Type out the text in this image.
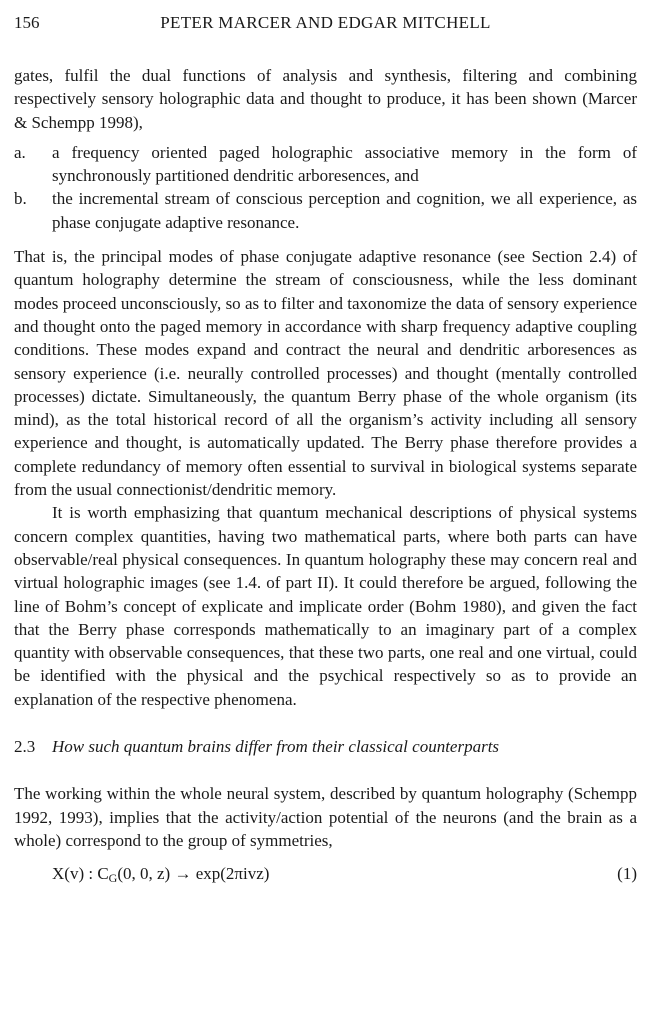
156	PETER MARCER AND EDGAR MITCHELL

gates, fulfil the dual functions of analysis and synthesis, filtering and combining respectively sensory holographic data and thought to produce, it has been shown (Marcer & Schempp 1998),

a. a frequency oriented paged holographic associative memory in the form of synchronously partitioned dendritic arboresences, and
b. the incremental stream of conscious perception and cognition, we all experience, as phase conjugate adaptive resonance.

That is, the principal modes of phase conjugate adaptive resonance (see Section 2.4) of quantum holography determine the stream of consciousness, while the less dominant modes proceed unconsciously, so as to filter and taxonomize the data of sensory experience and thought onto the paged memory in accordance with sharp frequency adaptive coupling conditions. These modes expand and contract the neural and dendritic arboresences as sensory experience (i.e. neurally controlled processes) and thought (mentally controlled processes) dictate. Simultaneously, the quantum Berry phase of the whole organism (its mind), as the total historical record of all the organism’s activity including all sensory experience and thought, is automatically updated. The Berry phase therefore provides a complete redundancy of memory often essential to survival in biological systems separate from the usual connectionist/dendritic memory.

It is worth emphasizing that quantum mechanical descriptions of physical systems concern complex quantities, having two mathematical parts, where both parts can have observable/real physical consequences. In quantum holography these may concern real and virtual holographic images (see 1.4. of part II). It could therefore be argued, following the line of Bohm’s concept of explicate and implicate order (Bohm 1980), and given the fact that the Berry phase corresponds mathematically to an imaginary part of a complex quantity with observable consequences, that these two parts, one real and one virtual, could be identified with the physical and the psychical respectively so as to provide an explanation of the respective phenomena.

2.3 How such quantum brains differ from their classical counterparts

The working within the whole neural system, described by quantum holography (Schempp 1992, 1993), implies that the activity/action potential of the neurons (and the brain as a whole) correspond to the group of symmetries,

X(v) : $C_G(0$, 0, z) → exp(2πivz)	(1)
